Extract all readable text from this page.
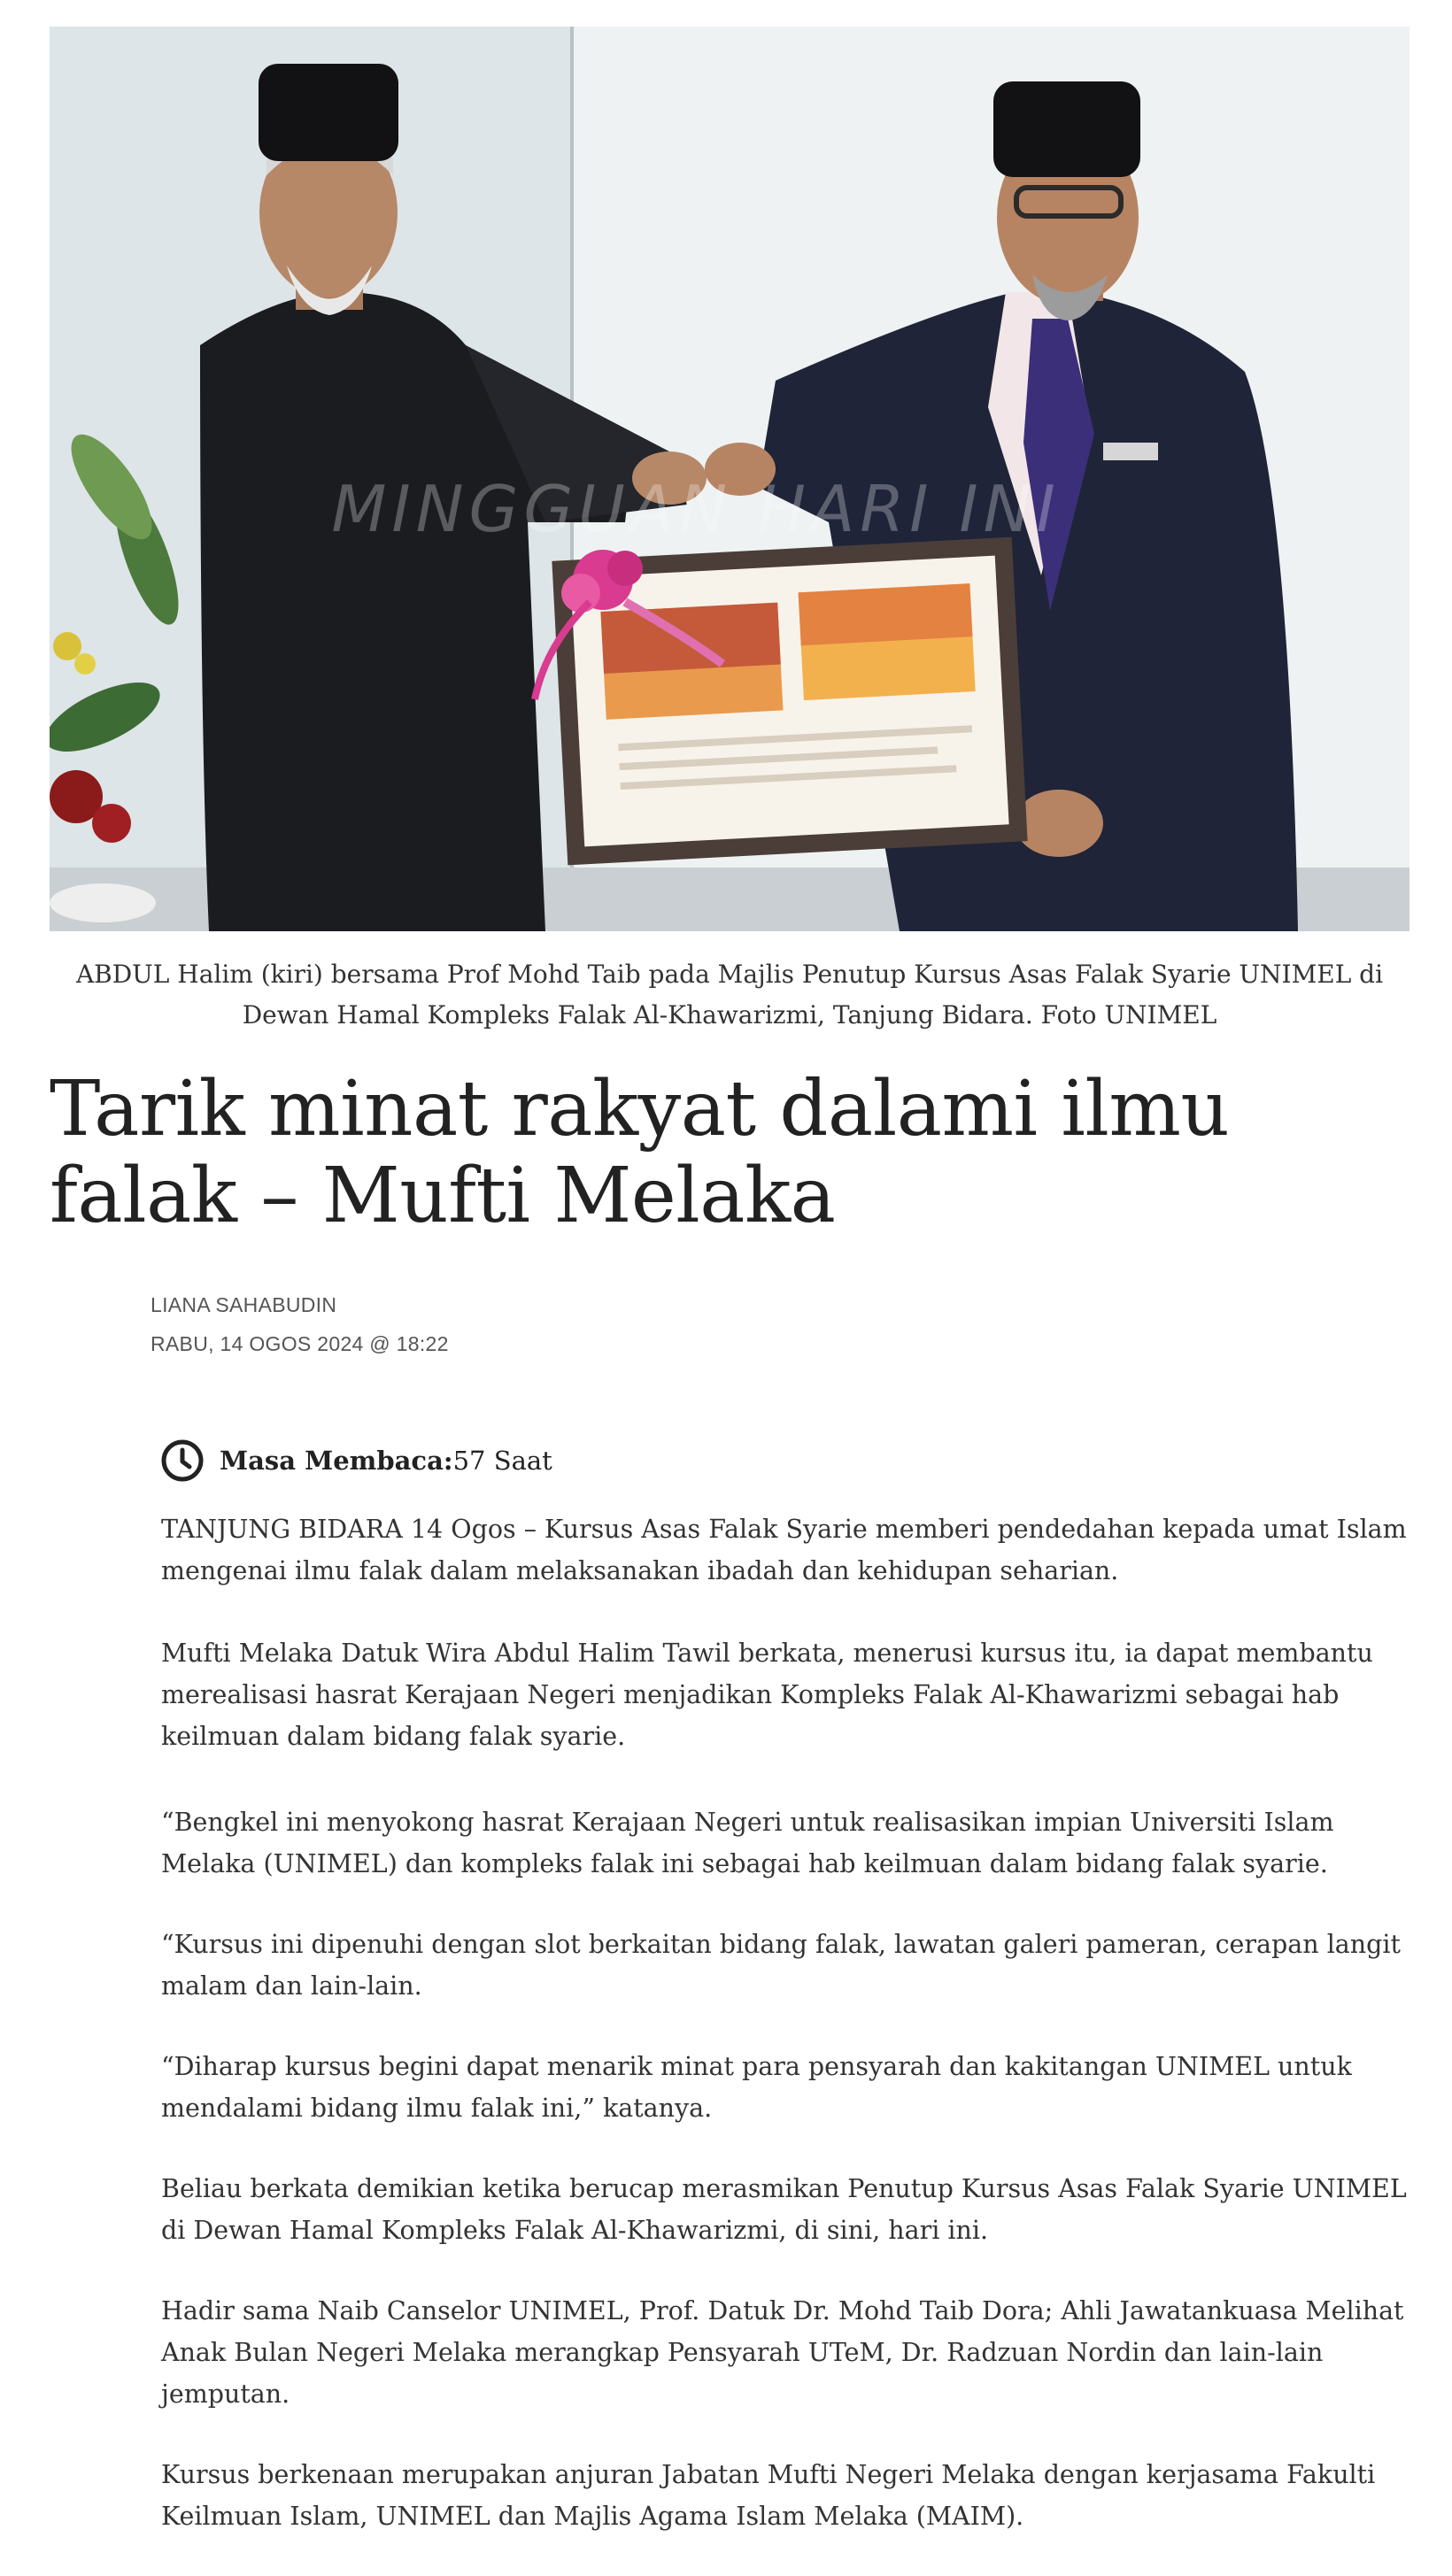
MINGGUAN HARI INI
ABDUL Halim (kiri) bersama Prof Mohd Taib pada Majlis Penutup Kursus Asas Falak Syarie UNIMEL di Dewan Hamal Kompleks Falak Al-Khawarizmi, Tanjung Bidara. Foto UNIMEL
Tarik minat rakyat dalami ilmu falak – Mufti Melaka
LIANA SAHABUDIN
RABU, 14 OGOS 2024 @ 18:22
Masa Membaca: 57 Saat

TANJUNG BIDARA 14 Ogos – Kursus Asas Falak Syarie memberi pendedahan kepada umat Islam mengenai ilmu falak dalam melaksanakan ibadah dan kehidupan seharian.

Mufti Melaka Datuk Wira Abdul Halim Tawil berkata, menerusi kursus itu, ia dapat membantu merealisasi hasrat Kerajaan Negeri menjadikan Kompleks Falak Al-Khawarizmi sebagai hab keilmuan dalam bidang falak syarie.

“Bengkel ini menyokong hasrat Kerajaan Negeri untuk realisasikan impian Universiti Islam Melaka (UNIMEL) dan kompleks falak ini sebagai hab keilmuan dalam bidang falak syarie.

“Kursus ini dipenuhi dengan slot berkaitan bidang falak, lawatan galeri pameran, cerapan langit malam dan lain-lain.

“Diharap kursus begini dapat menarik minat para pensyarah dan kakitangan UNIMEL untuk mendalami bidang ilmu falak ini,” katanya.

Beliau berkata demikian ketika berucap merasmikan Penutup Kursus Asas Falak Syarie UNIMEL di Dewan Hamal Kompleks Falak Al-Khawarizmi, di sini, hari ini.

Hadir sama Naib Canselor UNIMEL, Prof. Datuk Dr. Mohd Taib Dora; Ahli Jawatankuasa Melihat Anak Bulan Negeri Melaka merangkap Pensyarah UTeM, Dr. Radzuan Nordin dan lain-lain jemputan.

Kursus berkenaan merupakan anjuran Jabatan Mufti Negeri Melaka dengan kerjasama Fakulti Keilmuan Islam, UNIMEL dan Majlis Agama Islam Melaka (MAIM).
